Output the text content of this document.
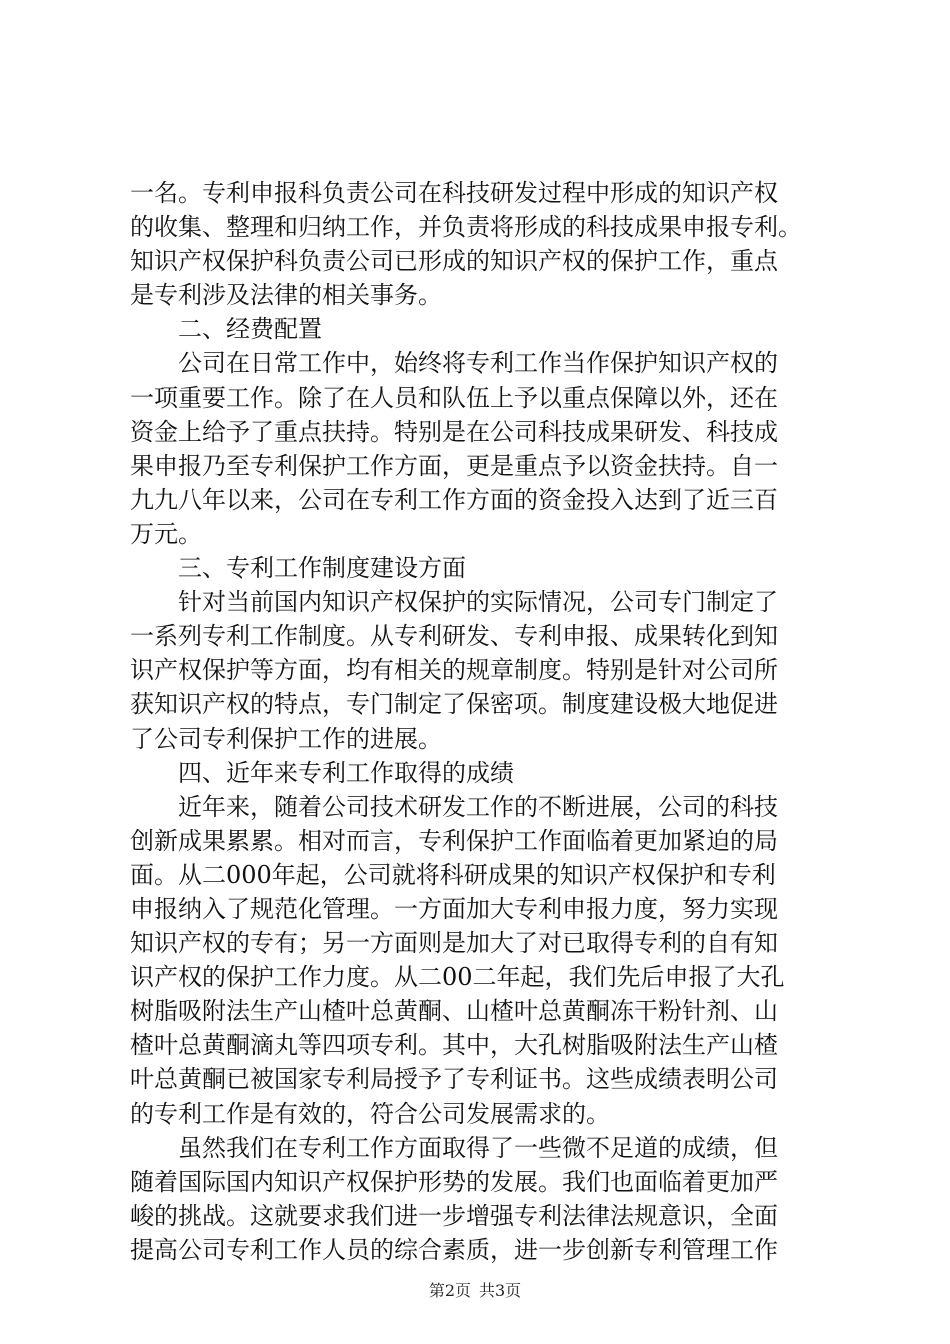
一名。专利申报科负责公司在科技研发过程中形成的知识产权
的收集、整理和归纳工作，并负责将形成的科技成果申报专利。
知识产权保护科负责公司已形成的知识产权的保护工作，重点
是专利涉及法律的相关事务。
　　二、经费配置
　　公司在日常工作中，始终将专利工作当作保护知识产权的
一项重要工作。除了在人员和队伍上予以重点保障以外，还在
资金上给予了重点扶持。特别是在公司科技成果研发、科技成
果申报乃至专利保护工作方面，更是重点予以资金扶持。自一
九九八年以来，公司在专利工作方面的资金投入达到了近三百
万元。
　　三、专利工作制度建设方面
　　针对当前国内知识产权保护的实际情况，公司专门制定了
一系列专利工作制度。从专利研发、专利申报、成果转化到知
识产权保护等方面，均有相关的规章制度。特别是针对公司所
获知识产权的特点，专门制定了保密项。制度建设极大地促进
了公司专利保护工作的进展。
　　四、近年来专利工作取得的成绩
　　近年来，随着公司技术研发工作的不断进展，公司的科技
创新成果累累。相对而言，专利保护工作面临着更加紧迫的局
面。从二000年起，公司就将科研成果的知识产权保护和专利
申报纳入了规范化管理。一方面加大专利申报力度，努力实现
知识产权的专有；另一方面则是加大了对已取得专利的自有知
识产权的保护工作力度。从二00二年起，我们先后申报了大孔
树脂吸附法生产山楂叶总黄酮、山楂叶总黄酮冻干粉针剂、山
楂叶总黄酮滴丸等四项专利。其中，大孔树脂吸附法生产山楂
叶总黄酮已被国家专利局授予了专利证书。这些成绩表明公司
的专利工作是有效的，符合公司发展需求的。
　　虽然我们在专利工作方面取得了一些微不足道的成绩，但
随着国际国内知识产权保护形势的发展。我们也面临着更加严
峻的挑战。这就要求我们进一步增强专利法律法规意识，全面
提高公司专利工作人员的综合素质，进一步创新专利管理工作
第2页 共3页
